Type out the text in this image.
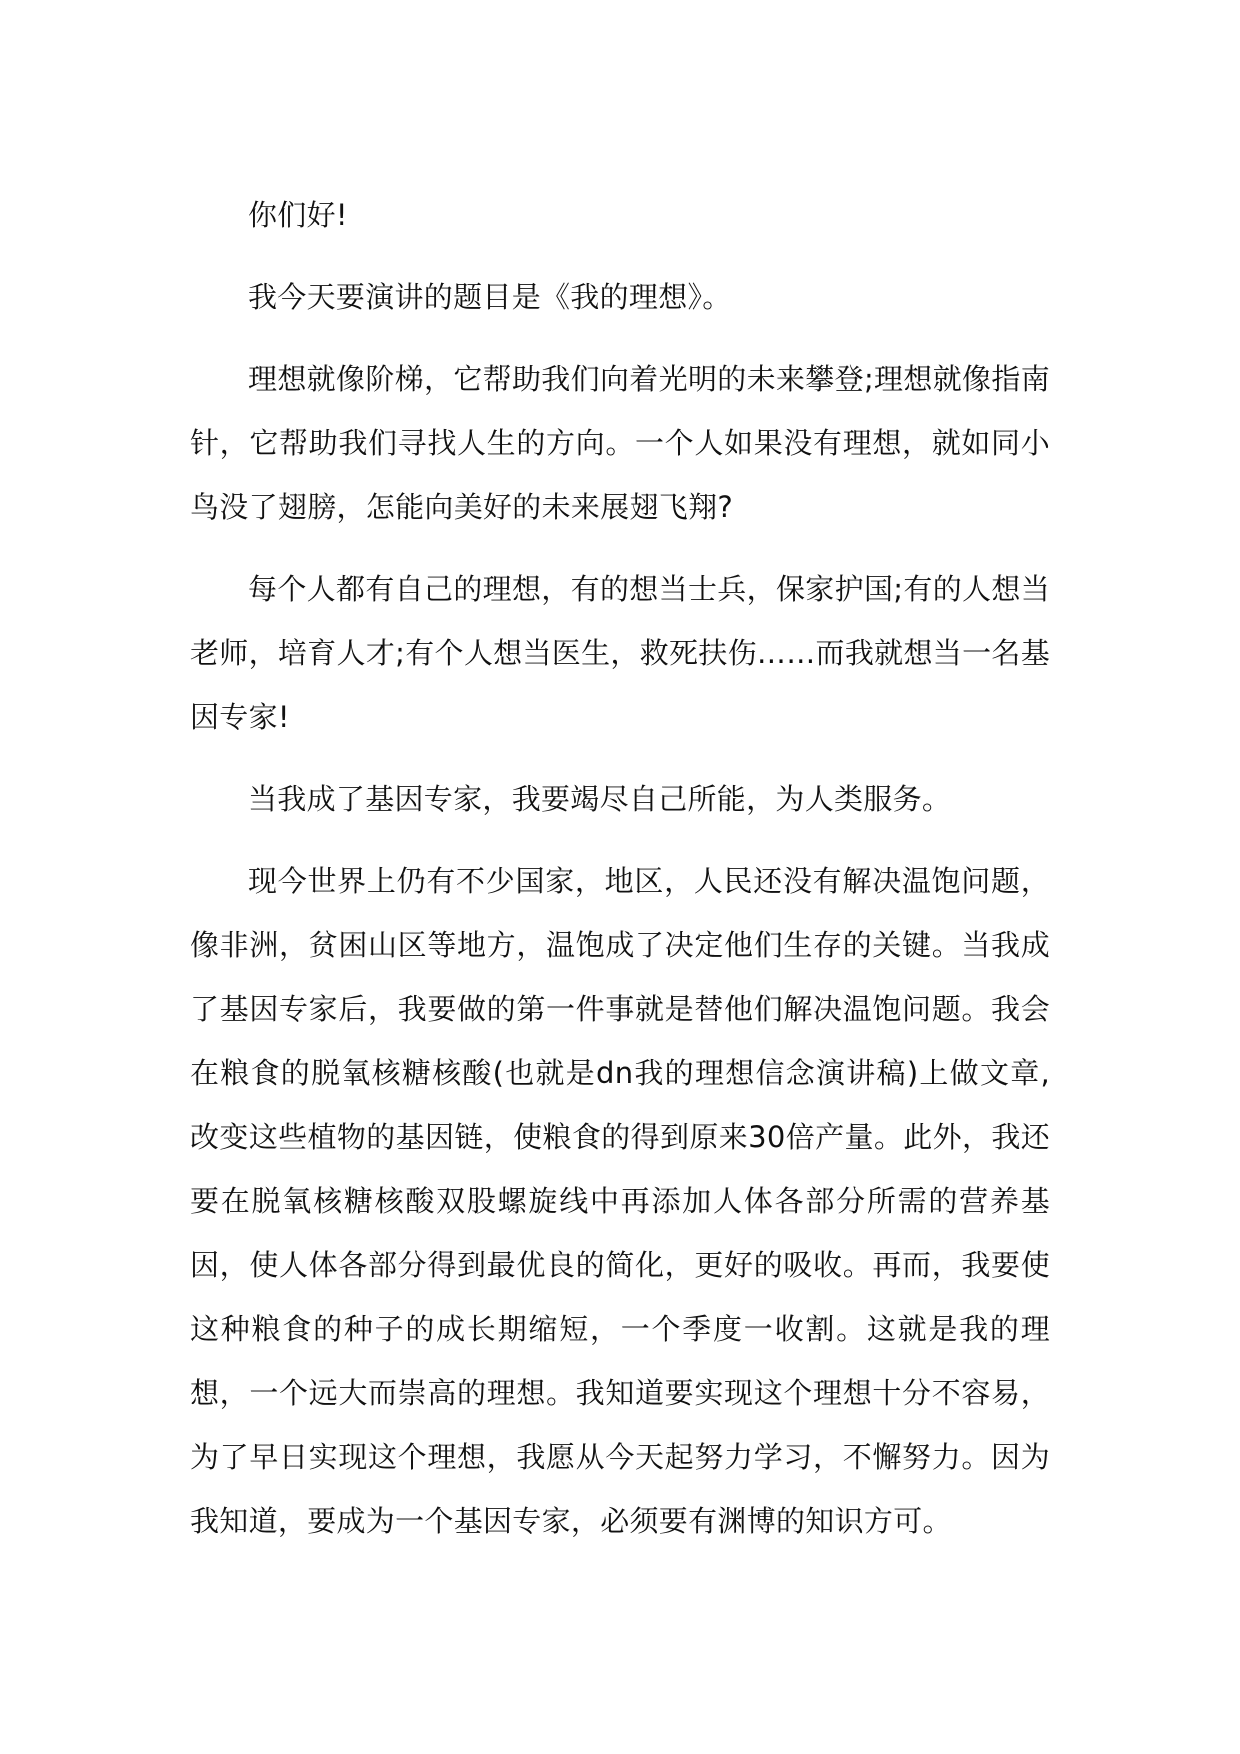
你们好!

我今天要演讲的题目是《我的理想》。

理想就像阶梯，它帮助我们向着光明的未来攀登;理想就像指南针，它帮助我们寻找人生的方向。一个人如果没有理想，就如同小鸟没了翅膀，怎能向美好的未来展翅飞翔?

每个人都有自己的理想，有的想当士兵，保家护国;有的人想当老师，培育人才;有个人想当医生，救死扶伤……而我就想当一名基因专家!

当我成了基因专家，我要竭尽自己所能，为人类服务。

现今世界上仍有不少国家，地区，人民还没有解决温饱问题，像非洲，贫困山区等地方，温饱成了决定他们生存的关键。当我成了基因专家后，我要做的第一件事就是替他们解决温饱问题。我会在粮食的脱氧核糖核酸(也就是dn我的理想信念演讲稿)上做文章,改变这些植物的基因链，使粮食的得到原来30倍产量。此外，我还要在脱氧核糖核酸双股螺旋线中再添加人体各部分所需的营养基因，使人体各部分得到最优良的简化，更好的吸收。再而，我要使这种粮食的种子的成长期缩短，一个季度一收割。这就是我的理想，一个远大而崇高的理想。我知道要实现这个理想十分不容易，为了早日实现这个理想，我愿从今天起努力学习，不懈努力。因为我知道，要成为一个基因专家，必须要有渊博的知识方可。
